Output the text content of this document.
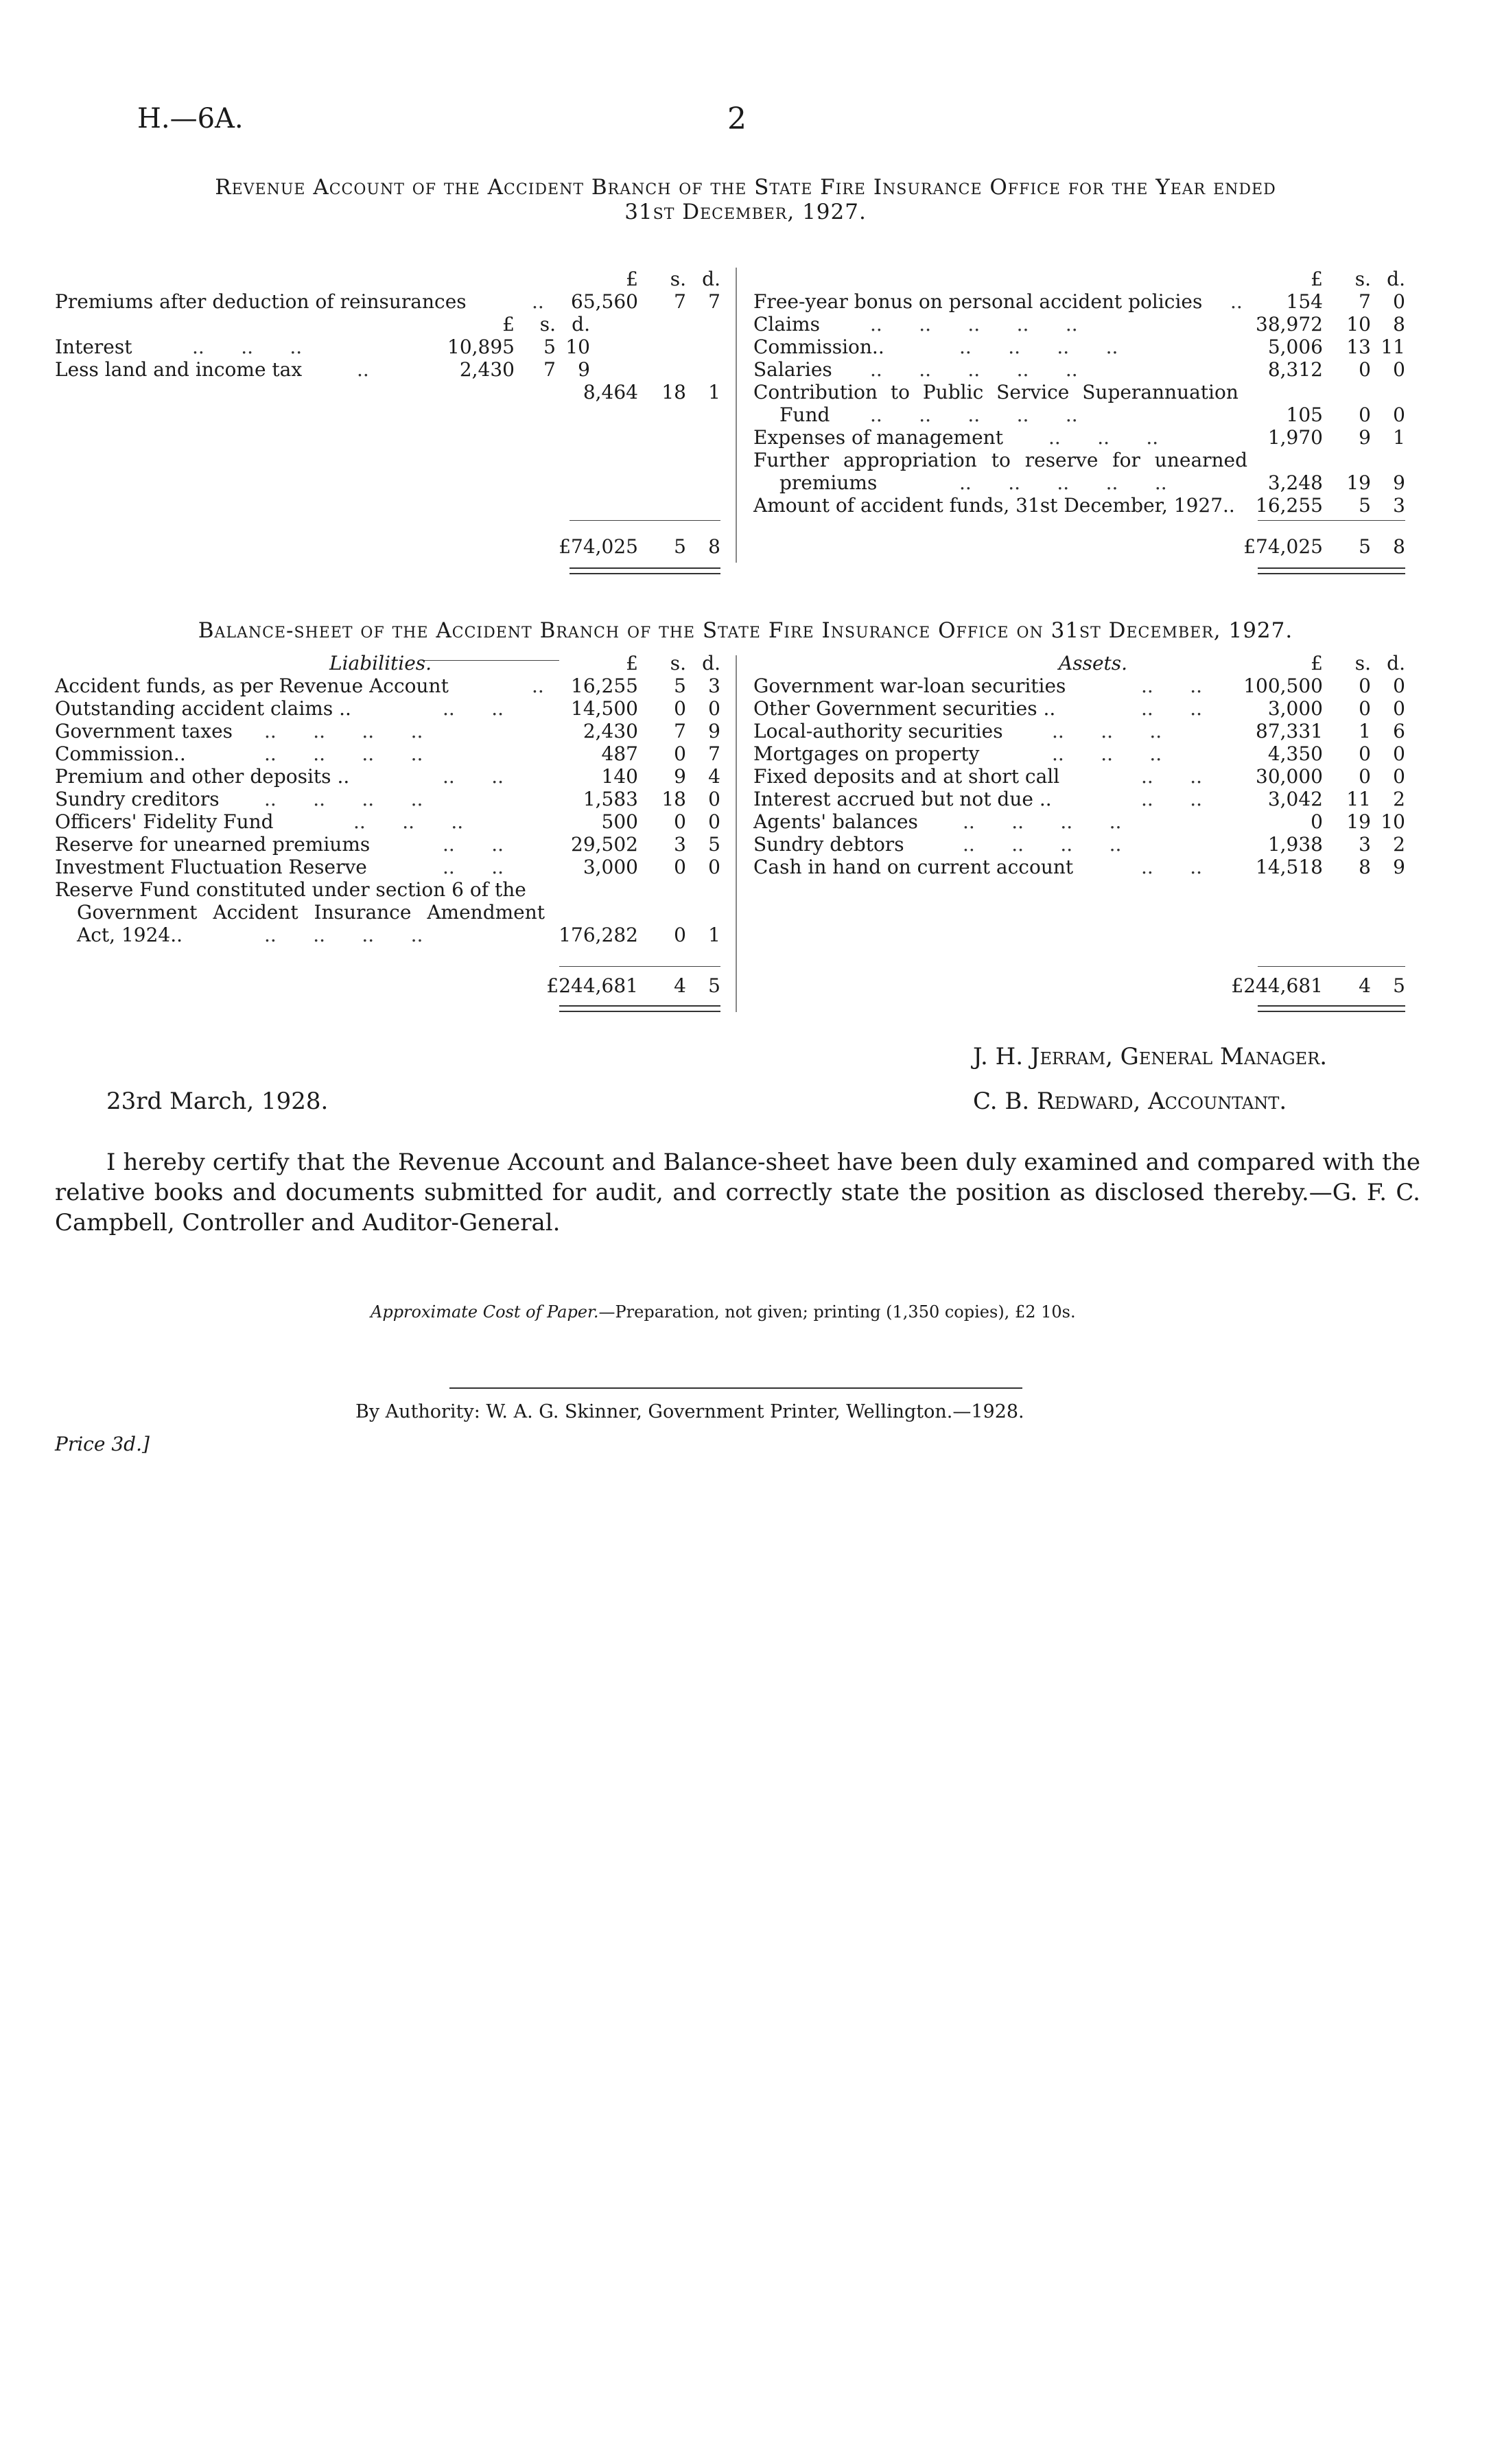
H.—6A.	2
Revenue Account of the Accident Branch of the State Fire Insurance Office for the Year ended
31st December, 1927.
£	s. d.
Premiums after deduction of reinsurances	..	65,560	7	7
£	s. d.
Interest	..      ..      ..	10,895	5 10
Less land and income tax	..	2,430	7	9
8,464 18	1
£74,025	5	8
£	s. d.
Free-year bonus on personal accident policies ..	154	7	0
Claims	..      ..      ..      ..      ..	38,972 10	8
Commission..	..      ..      ..      ..	5,006 13 11
Salaries ..      ..      ..      ..      ..	8,312	0	0
Contribution to Public Service Superannuation
Fund ..      ..      ..      ..      ..	105	0	0
Expenses of management ..      ..      ..	1,970	9	1
Further appropriation to reserve for unearned
premiums	..      ..      ..      ..      ..	3,248 19	9
Amount of accident funds, 31st December, 1927..	16,255	5	3
£74,025	5	8
Balance-sheet of the Accident Branch of the State Fire Insurance Office on 31st December, 1927.
Liabilities.	£	s. d.
Accident funds, as per Revenue Account	..	16,255	5	3
Outstanding accident claims ..	..      ..	14,500	0	0
Government taxes ..      ..      ..      ..	2,430	7	9
Commission..	..      ..      ..      ..	487	0	7
Premium and other deposits ..	..      ..	140	9	4
Sundry creditors ..      ..      ..      ..	1,583 18	0
Officers' Fidelity Fund	..      ..      ..	500	0	0
Reserve for unearned premiums	..      ..	29,502	3	5
Investment Fluctuation Reserve	..      ..	3,000	0	0
Reserve Fund constituted under section 6 of the
Government Accident Insurance Amendment
Act, 1924..	..      ..      ..      ..	176,282	0	1
£244,681	4	5
Assets.	£	s. d.
Government war-loan securities	..      ..	100,500	0	0
Other Government securities ..	..      ..	3,000	0	0
Local-authority securities	..      ..      ..	87,331	1	6
Mortgages on property	..      ..      ..	4,350	0	0
Fixed deposits and at short call	..      ..	30,000	0	0
Interest accrued but not due ..	..      ..	3,042 11	2
Agents' balances ..      ..      ..      ..	0 19 10
Sundry debtors	..      ..      ..      ..	1,938	3	2
Cash in hand on current account	..      ..	14,518	8	9
£244,681	4	5
J. H. Jerram, General Manager.
23rd March, 1928.	C. B. Redward, Accountant.
I hereby certify that the Revenue Account and Balance-sheet have been duly examined and compared with the relative books and documents submitted for audit, and correctly state the position as disclosed thereby.—G. F. C. Campbell, Controller and Auditor-General.
Approximate Cost of Paper.—Preparation, not given; printing (1,350 copies), £2 10s.
By Authority: W. A. G. Skinner, Government Printer, Wellington.—1928.
Price 3d.]
